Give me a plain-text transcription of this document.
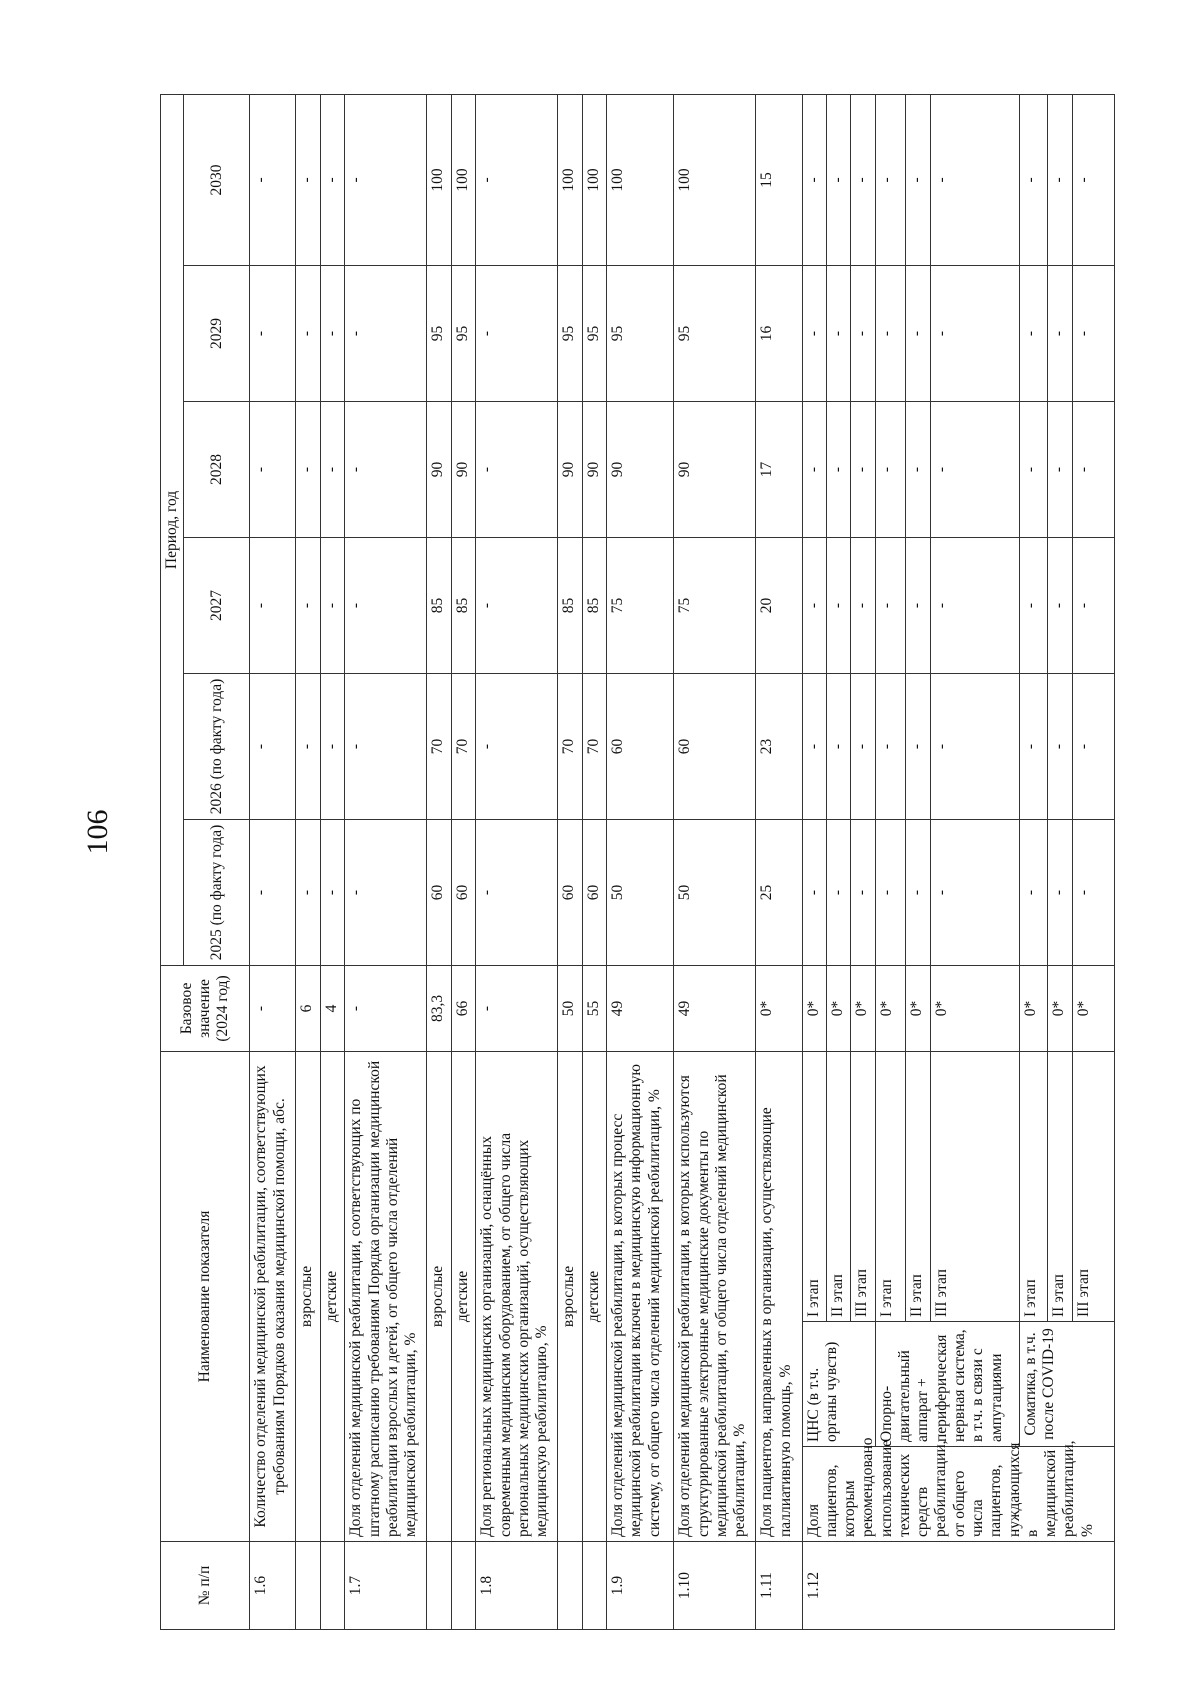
106
№ п/п	Наименование показателя			Базовое значение (2024 год)	Период, год					
					2025 (по факту года)	2026 (по факту года)	2027	2028	2029	2030
1.6	Количество отделений медицинской реабилитации, соответствующих требованиям Порядков оказания медицинской помощи, абс.			-	-	-	-	-	-	-
	взрослые			6	-	-	-	-	-	-
	детские			4	-	-	-	-	-	-
1.7	Доля отделений медицинской реабилитации, соответствующих по штатному расписанию требованиям Порядка организации медицинской реабилитации взрослых и детей, от общего числа отделений медицинской реабилитации, %			-	-	-	-	-	-	-
	взрослые			83,3	60	70	85	90	95	100
	детские			66	60	70	85	90	95	100
1.8	Доля региональных медицинских организаций, оснащённых современным медицинским оборудованием, от общего числа региональных медицинских организаций, осуществляющих медицинскую реабилитацию, %			-	-	-	-	-	-	-
	взрослые			50	60	70	85	90	95	100
	детские			55	60	70	85	90	95	100
1.9	Доля отделений медицинской реабилитации, в которых процесс медицинской реабилитации включен в медицинскую информационную систему, от общего числа отделений медицинской реабилитации, %			49	50	60	75	90	95	100
1.10	Доля отделений медицинской реабилитации, в которых используются структурированные электронные медицинские документы по медицинской реабилитации, от общего числа отделений медицинской реабилитации, %			49	50	60	75	90	95	100
1.11	Доля пациентов, направленных в организации, осуществляющие паллиативную помощь, %			0*	25	23	20	17	16	15
1.12	Доля пациентов, которым рекомендовано использование технических средств реабилитации, от общего числа пациентов, нуждающихся в медицинской реабилитации, %	ЦНС (в т.ч. органы чувств)	I этап	0*	-	-	-	-	-	-
			II этап	0*	-	-	-	-	-	-
			III этап	0*	-	-	-	-	-	-
		Опорно-двигательный аппарат + периферическая нервная система, в т.ч. в связи с ампутациями	I этап	0*	-	-	-	-	-	-
			II этап	0*	-	-	-	-	-	-
			III этап	0*	-	-	-	-	-	-
		Соматика, в т.ч. после COVID-19	I этап	0*	-	-	-	-	-	-
			II этап	0*	-	-	-	-	-	-
			III этап	0*	-	-	-	-	-	-
